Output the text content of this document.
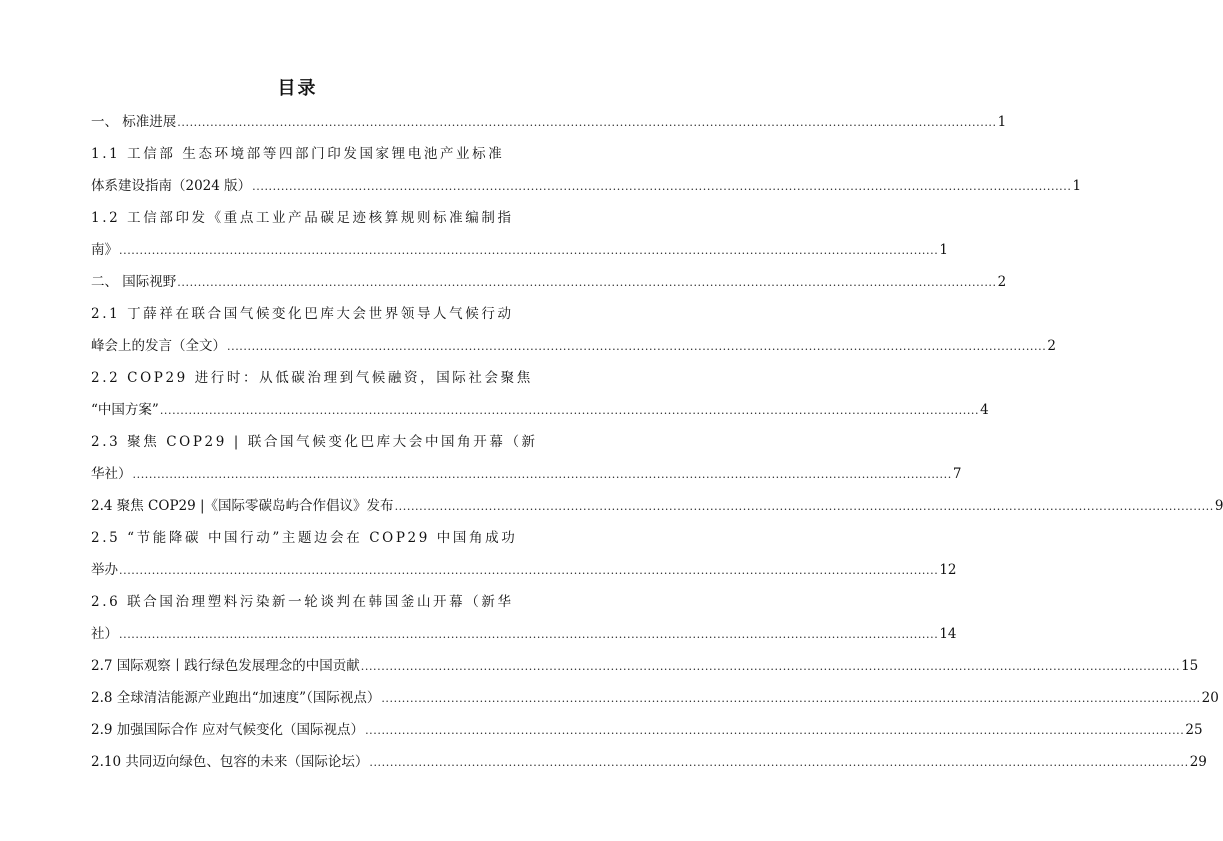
目录
一、 标准进展 ........................................................................................................................................................................................................ 1
1.1 工信部 生态环境部等四部门印发国家锂电池产业标准
体系建设指南（2024 版） ........................................................................................................................................................................................................ 1
1.2 工信部印发《重点工业产品碳足迹核算规则标准编制指
南》 ........................................................................................................................................................................................................ 1
二、 国际视野 ........................................................................................................................................................................................................ 2
2.1 丁薛祥在联合国气候变化巴库大会世界领导人气候行动
峰会上的发言（全文） ........................................................................................................................................................................................................ 2
2.2 COP29 进行时：从低碳治理到气候融资，国际社会聚焦
“中国方案” ........................................................................................................................................................................................................ 4
2.3 聚焦 COP29 | 联合国气候变化巴库大会中国角开幕（新
华社） ........................................................................................................................................................................................................ 7
2.4 聚焦 COP29 |《国际零碳岛屿合作倡议》发布 ........................................................................................................................................................................................................ 9
2.5 “节能降碳 中国行动”主题边会在 COP29 中国角成功
举办 ........................................................................................................................................................................................................ 12
2.6 联合国治理塑料污染新一轮谈判在韩国釜山开幕（新华
社） ........................................................................................................................................................................................................ 14
2.7 国际观察丨践行绿色发展理念的中国贡献 ........................................................................................................................................................................................................ 15
2.8 全球清洁能源产业跑出“加速度”（国际视点） ........................................................................................................................................................................................................ 20
2.9 加强国际合作 应对气候变化（国际视点） ........................................................................................................................................................................................................ 25
2.10 共同迈向绿色、包容的未来（国际论坛） ........................................................................................................................................................................................................ 29
